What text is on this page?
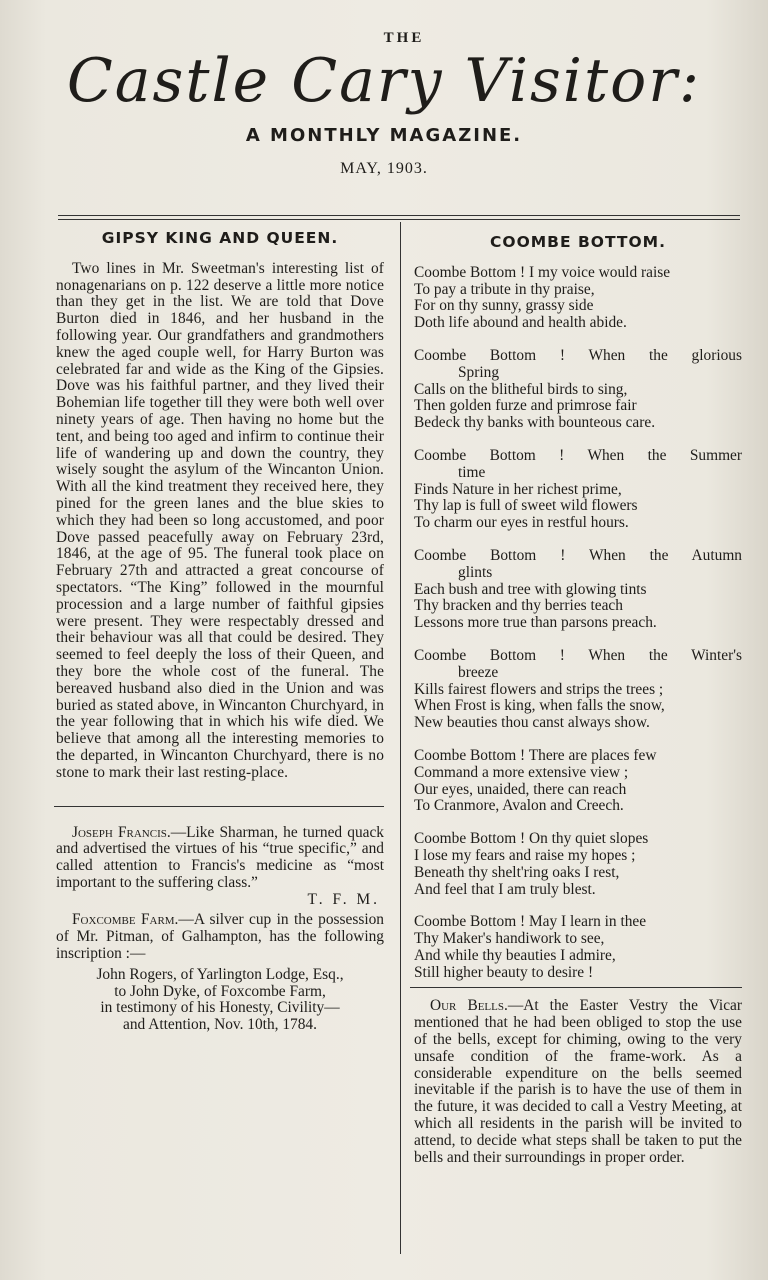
THE
Castle Cary Visitor:
A MONTHLY MAGAZINE.
MAY, 1903.
GIPSY KING AND QUEEN.

Two lines in Mr. Sweetman's interesting list of nonagenarians on p. 122 deserve a little more notice than they get in the list. We are told that Dove Burton died in 1846, and her husband in the following year. Our grandfathers and grandmothers knew the aged couple well, for Harry Burton was celebrated far and wide as the King of the Gipsies. Dove was his faithful partner, and they lived their Bohemian life together till they were both well over ninety years of age. Then having no home but the tent, and being too aged and infirm to continue their life of wandering up and down the country, they wisely sought the asylum of the Wincanton Union. With all the kind treatment they received here, they pined for the green lanes and the blue skies to which they had been so long accustomed, and poor Dove passed peacefully away on February 23rd, 1846, at the age of 95. The funeral took place on February 27th and attracted a great concourse of spectators. “The King” followed in the mournful procession and a large number of faithful gipsies were present. They were respectably dressed and their behaviour was all that could be desired. They seemed to feel deeply the loss of their Queen, and they bore the whole cost of the funeral. The bereaved husband also died in the Union and was buried as stated above, in Wincanton Churchyard, in the year following that in which his wife died. We believe that among all the interesting memories to the departed, in Wincanton Churchyard, there is no stone to mark their last resting-place.

Joseph Francis.—Like Sharman, he turned quack and advertised the virtues of his “true specific,” and called attention to Francis's medicine as “most important to the suffering class.”

T. F. M.

Foxcombe Farm.—A silver cup in the possession of Mr. Pitman, of Galhampton, has the following inscription :—

John Rogers, of Yarlington Lodge, Esq.,
to John Dyke, of Foxcombe Farm,
in testimony of his Honesty, Civility—
and Attention, Nov. 10th, 1784.
COOMBE BOTTOM.
Coombe Bottom ! I my voice would raise
To pay a tribute in thy praise,
For on thy sunny, grassy side
Doth life abound and health abide.
Coombe Bottom ! When the glorious
Spring
Calls on the blitheful birds to sing,
Then golden furze and primrose fair
Bedeck thy banks with bounteous care.
Coombe Bottom ! When the Summer
time
Finds Nature in her richest prime,
Thy lap is full of sweet wild flowers
To charm our eyes in restful hours.
Coombe Bottom ! When the Autumn
glints
Each bush and tree with glowing tints
Thy bracken and thy berries teach
Lessons more true than parsons preach.
Coombe Bottom ! When the Winter's
breeze
Kills fairest flowers and strips the trees ;
When Frost is king, when falls the snow,
New beauties thou canst always show.
Coombe Bottom ! There are places few
Command a more extensive view ;
Our eyes, unaided, there can reach
To Cranmore, Avalon and Creech.
Coombe Bottom ! On thy quiet slopes
I lose my fears and raise my hopes ;
Beneath thy shelt'ring oaks I rest,
And feel that I am truly blest.
Coombe Bottom ! May I learn in thee
Thy Maker's handiwork to see,
And while thy beauties I admire,
Still higher beauty to desire !

Our Bells.—At the Easter Vestry the Vicar mentioned that he had been obliged to stop the use of the bells, except for chiming, owing to the very unsafe condition of the frame-work. As a considerable expenditure on the bells seemed inevitable if the parish is to have the use of them in the future, it was decided to call a Vestry Meeting, at which all residents in the parish will be invited to attend, to decide what steps shall be taken to put the bells and their surroundings in proper order.
